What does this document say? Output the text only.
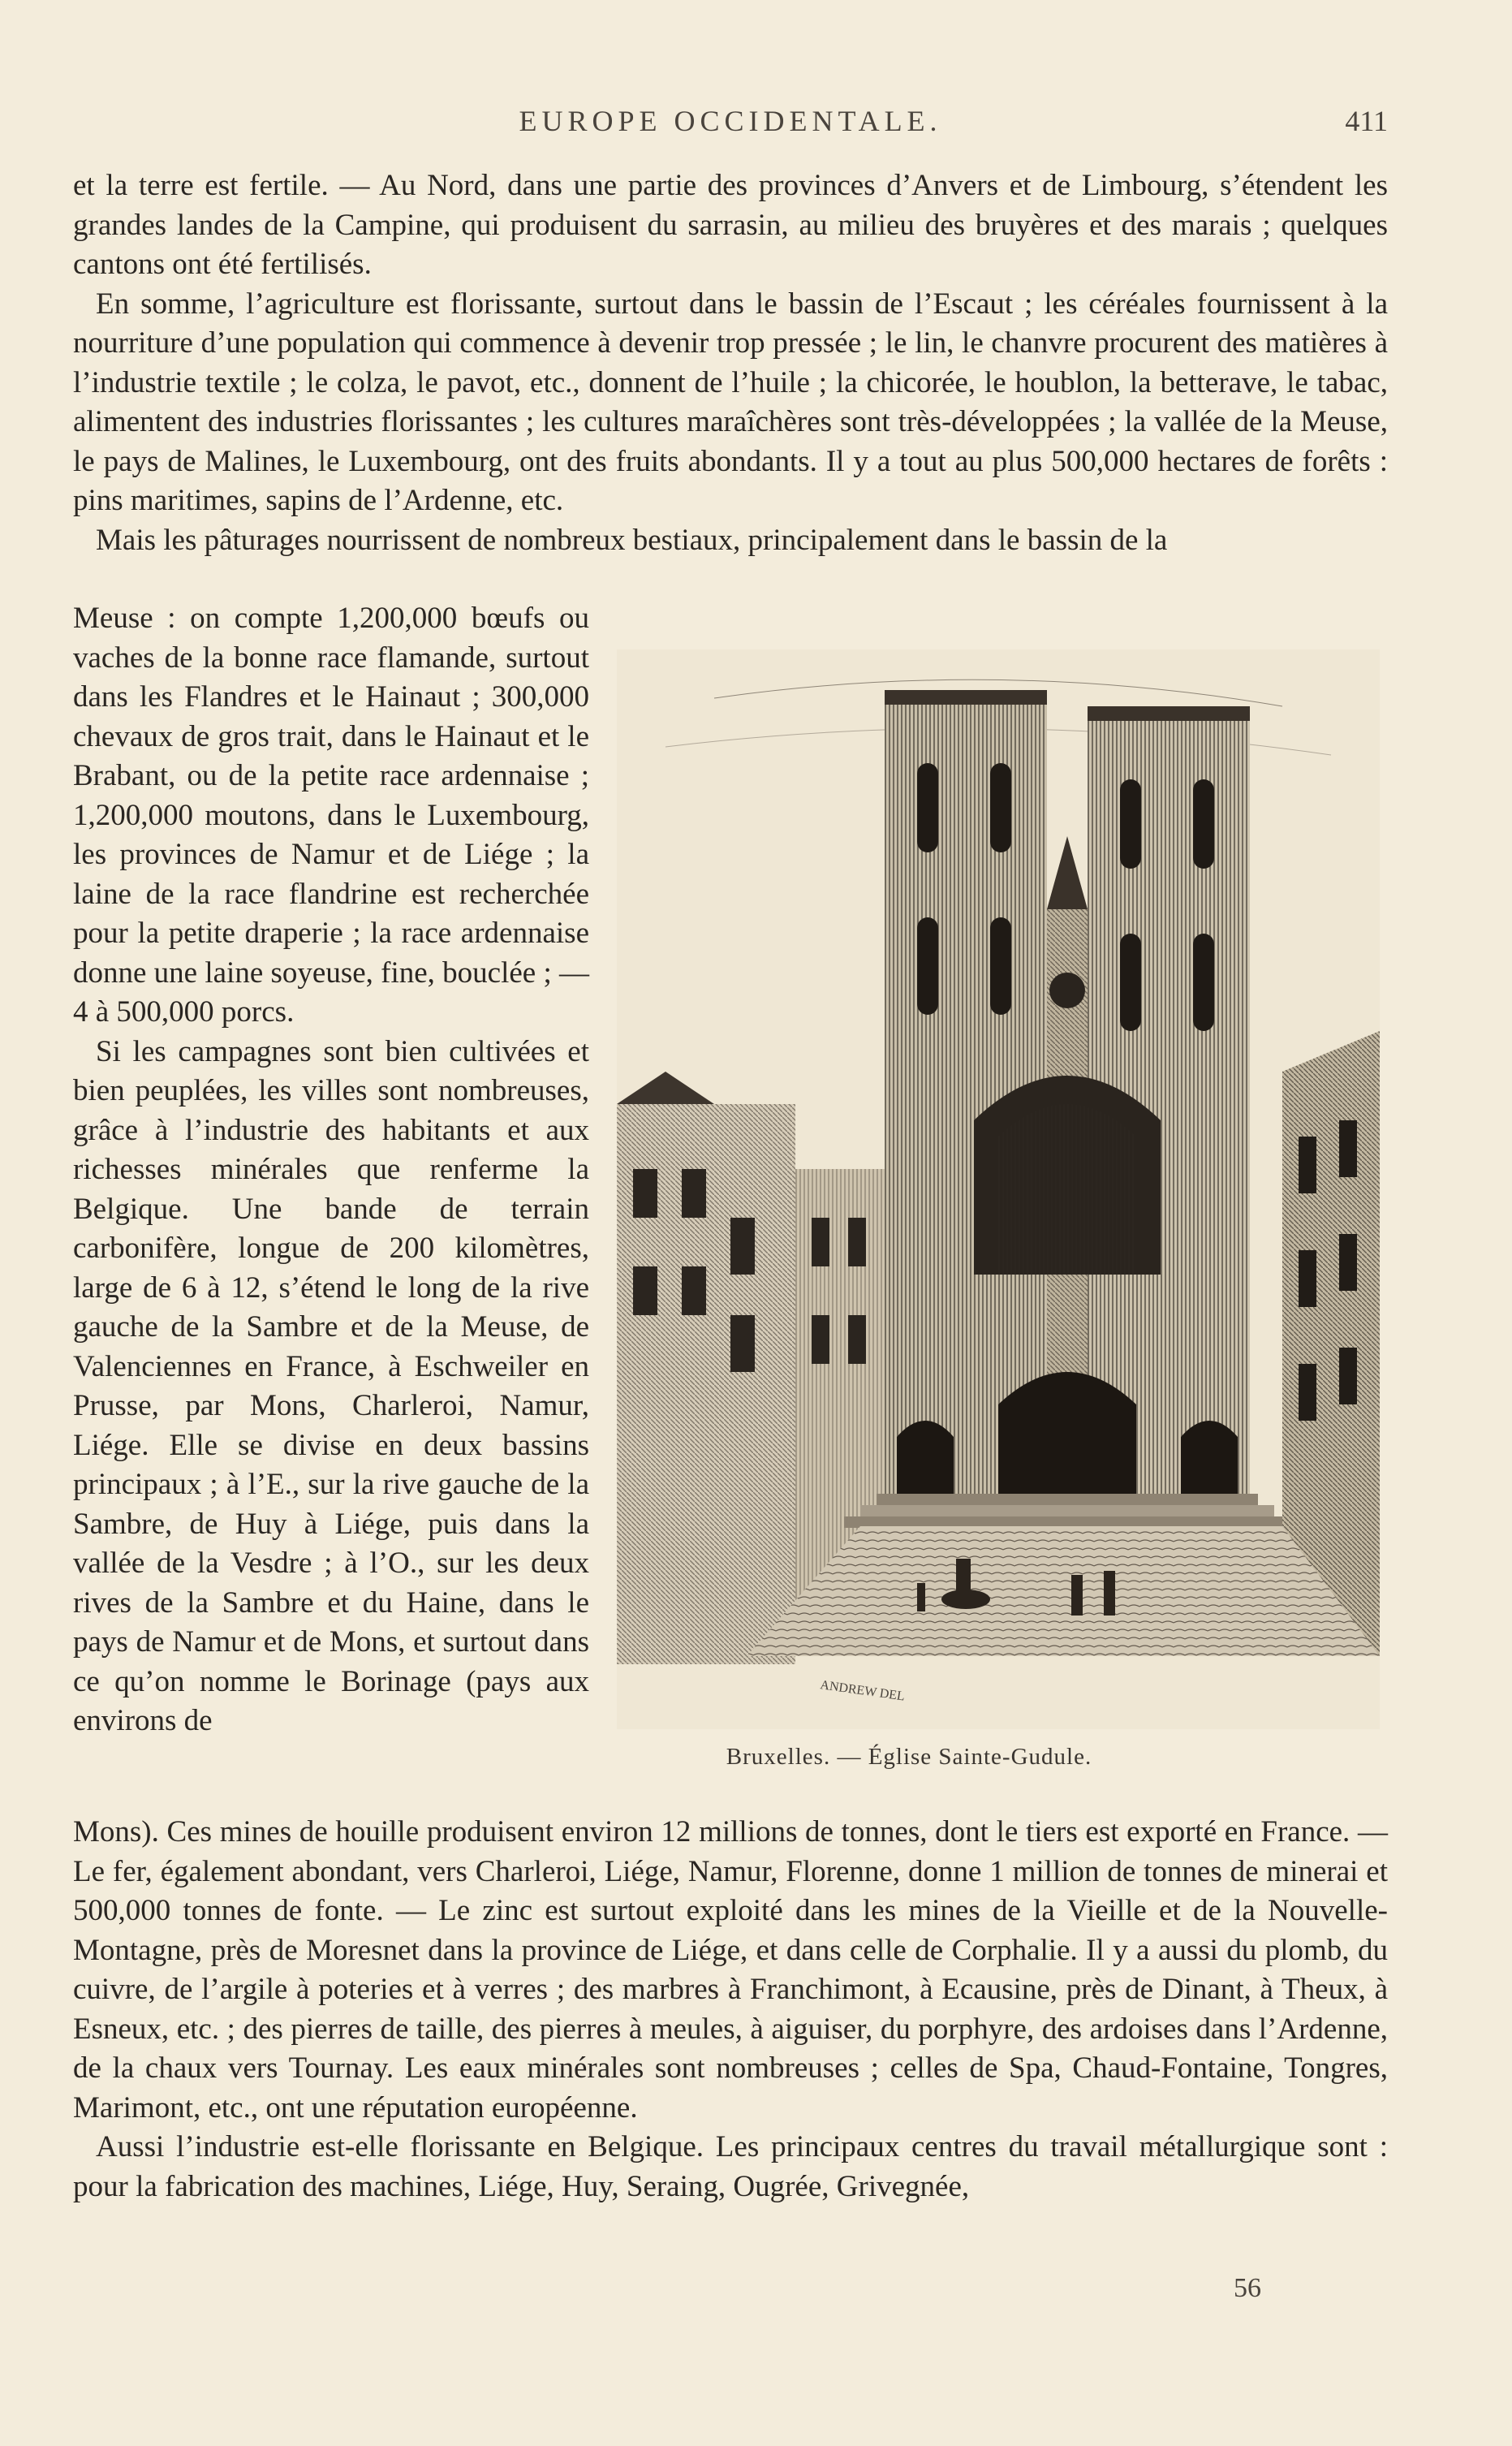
EUROPE OCCIDENTALE.	411

et la terre est fertile. — Au Nord, dans une partie des provinces d’Anvers et de Limbourg, s’étendent les grandes landes de la Campine, qui produisent du sarrasin, au milieu des bruyères et des marais ; quelques cantons ont été fertilisés.

En somme, l’agriculture est florissante, surtout dans le bassin de l’Escaut ; les céréales fournissent à la nourriture d’une population qui commence à devenir trop pressée ; le lin, le chanvre procurent des matières à l’industrie textile ; le colza, le pavot, etc., donnent de l’huile ; la chicorée, le houblon, la betterave, le tabac, alimentent des industries florissantes ; les cultures maraîchères sont très-développées ; la vallée de la Meuse, le pays de Malines, le Luxembourg, ont des fruits abondants. Il y a tout au plus 500,000 hectares de forêts : pins maritimes, sapins de l’Ardenne, etc.

Mais les pâturages nourrissent de nombreux bestiaux, principalement dans le bassin de la

Meuse : on compte 1,200,000 bœufs ou vaches de la bonne race flamande, surtout dans les Flandres et le Hainaut ; 300,000 chevaux de gros trait, dans le Hainaut et le Brabant, ou de la petite race ardennaise ; 1,200,000 moutons, dans le Luxembourg, les provinces de Namur et de Liége ; la laine de la race flandrine est recherchée pour la petite draperie ; la race ardennaise donne une laine soyeuse, fine, bouclée ; — 4 à 500,000 porcs.

Si les campagnes sont bien cultivées et bien peuplées, les villes sont nombreuses, grâce à l’industrie des habitants et aux richesses minérales que renferme la Belgique. Une bande de terrain carbonifère, longue de 200 kilomètres, large de 6 à 12, s’étend le long de la rive gauche de la Sambre et de la Meuse, de Valenciennes en France, à Eschweiler en Prusse, par Mons, Charleroi, Namur, Liége. Elle se divise en deux bassins principaux ; à l’E., sur la rive gauche de la Sambre, de Huy à Liége, puis dans la vallée de la Vesdre ; à l’O., sur les deux rives de la Sambre et du Haine, dans le pays de Namur et de Mons, et surtout dans ce qu’on nomme le Borinage (pays aux environs de

ANDREW DEL
Bruxelles. — Église Sainte-Gudule.

Mons). Ces mines de houille produisent environ 12 millions de tonnes, dont le tiers est exporté en France. — Le fer, également abondant, vers Charleroi, Liége, Namur, Florenne, donne 1 million de tonnes de minerai et 500,000 tonnes de fonte. — Le zinc est surtout exploité dans les mines de la Vieille et de la Nouvelle-Montagne, près de Moresnet dans la province de Liége, et dans celle de Corphalie. Il y a aussi du plomb, du cuivre, de l’argile à poteries et à verres ; des marbres à Franchimont, à Ecausine, près de Dinant, à Theux, à Esneux, etc. ; des pierres de taille, des pierres à meules, à aiguiser, du porphyre, des ardoises dans l’Ardenne, de la chaux vers Tournay. Les eaux minérales sont nombreuses ; celles de Spa, Chaud-Fontaine, Tongres, Marimont, etc., ont une réputation européenne.

Aussi l’industrie est-elle florissante en Belgique. Les principaux centres du travail métallurgique sont : pour la fabrication des machines, Liége, Huy, Seraing, Ougrée, Grivegnée,

56
